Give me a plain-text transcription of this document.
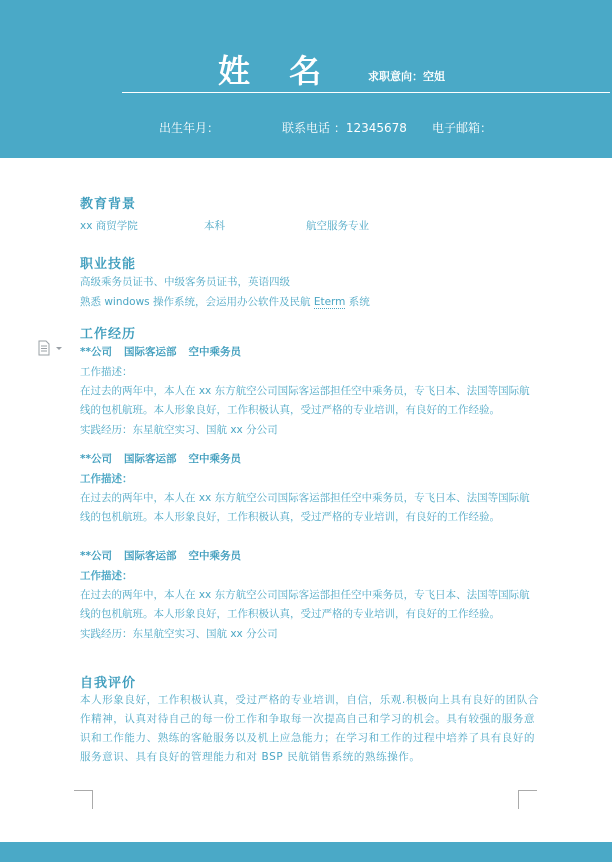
姓 名	求职意向：空姐
出生年月：	联系电话 ：12345678 电子邮箱：
教育背景
xx 商贸学院	本科	航空服务专业
职业技能
高级乘务员证书、中级客务员证书，英语四级
熟悉 windows 操作系统，会运用办公软件及民航 Eterm 系统
工作经历
**公司 国际客运部 空中乘务员
工作描述：
在过去的两年中，本人在 xx 东方航空公司国际客运部担任空中乘务员，专飞日本、法国等国际航线的包机航班。本人形象良好，工作积极认真，受过严格的专业培训，有良好的工作经验。
实践经历：东星航空实习、国航 xx 分公司
**公司 国际客运部 空中乘务员
工作描述：
在过去的两年中，本人在 xx 东方航空公司国际客运部担任空中乘务员，专飞日本、法国等国际航线的包机航班。本人形象良好，工作积极认真，受过严格的专业培训，有良好的工作经验。
**公司 国际客运部 空中乘务员
工作描述：
在过去的两年中，本人在 xx 东方航空公司国际客运部担任空中乘务员，专飞日本、法国等国际航线的包机航班。本人形象良好，工作积极认真，受过严格的专业培训，有良好的工作经验。
实践经历：东星航空实习、国航 xx 分公司
自我评价
本人形象良好，工作积极认真，受过严格的专业培训，自信，乐观.积极向上具有良好的团队合作精神，认真对待自己的每一份工作和争取每一次提高自己和学习的机会。具有较强的服务意识和工作能力、熟练的客舱服务以及机上应急能力；在学习和工作的过程中培养了具有良好的服务意识、具有良好的管理能力和对 BSP 民航销售系统的熟练操作。
